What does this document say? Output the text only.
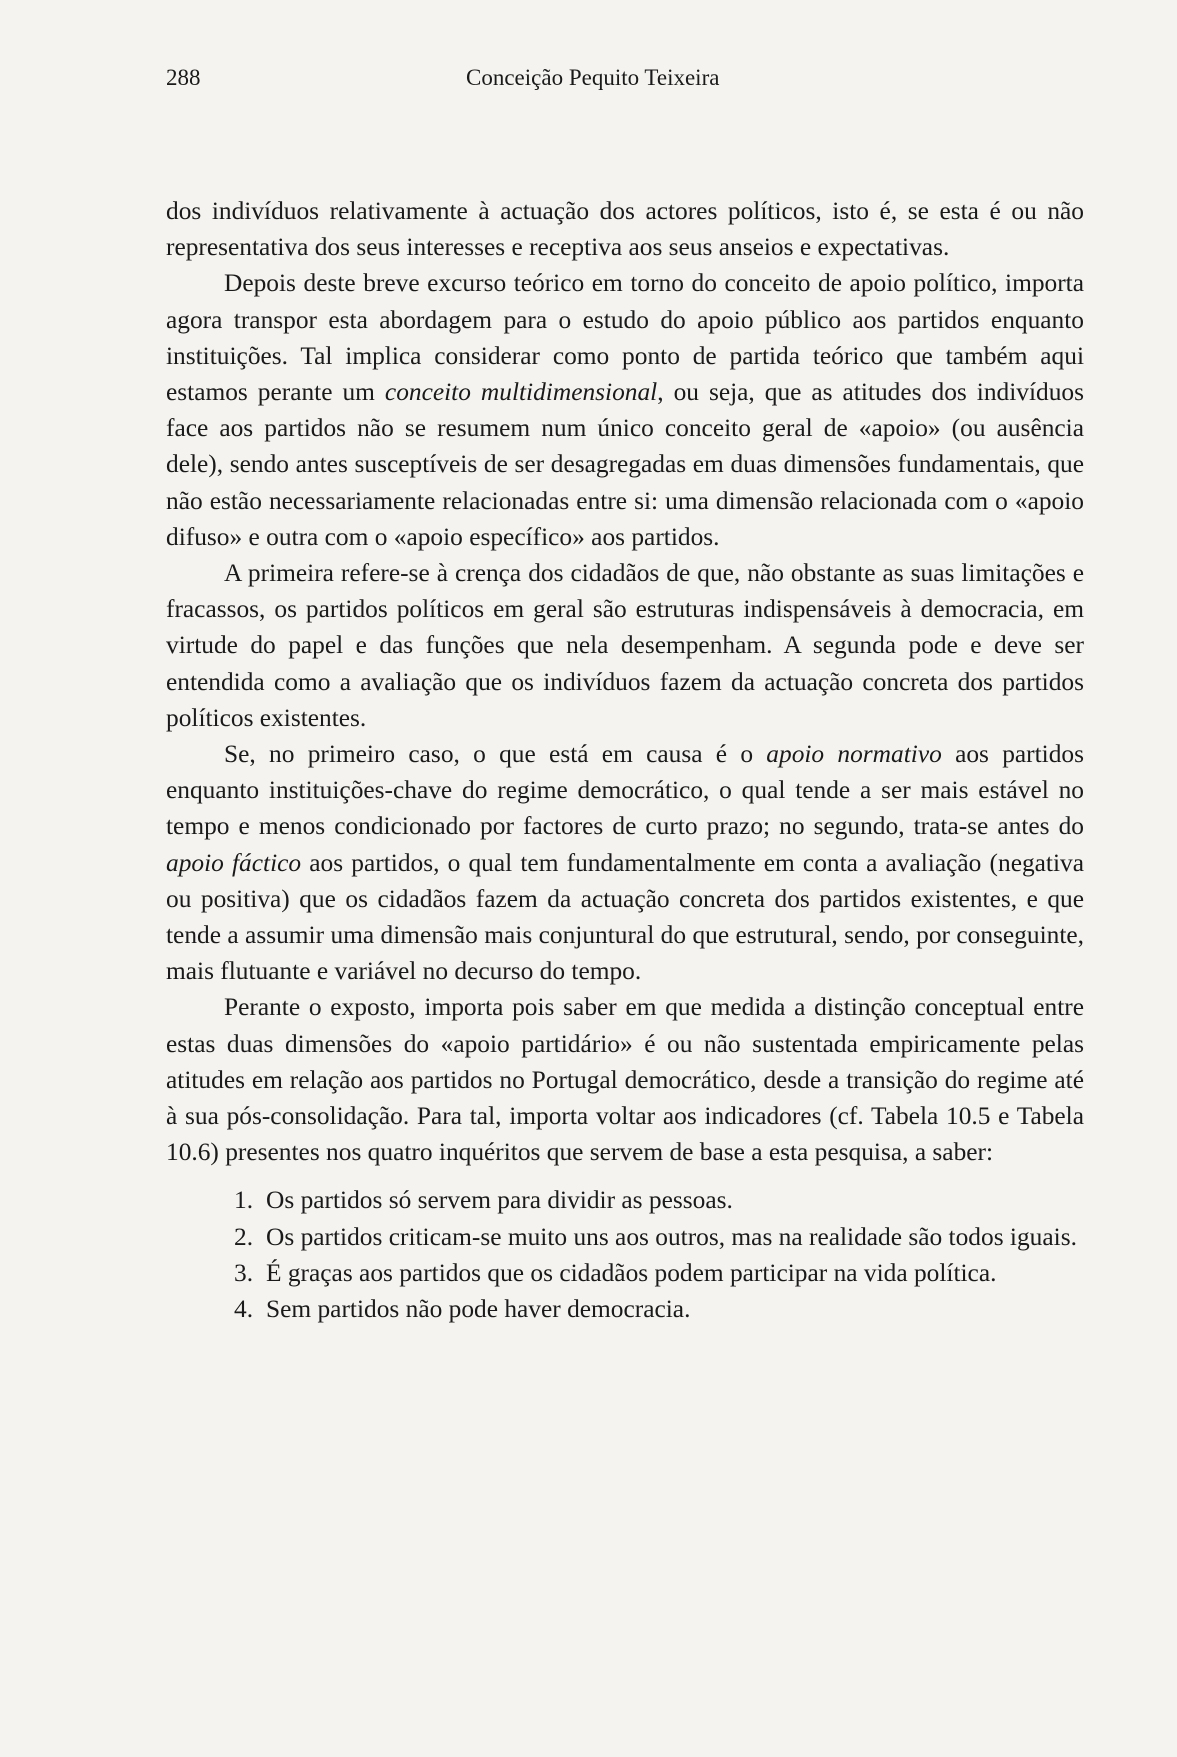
288	Conceição Pequito Teixeira

dos indivíduos relativamente à actuação dos actores políticos, isto é, se esta é ou não representativa dos seus interesses e receptiva aos seus anseios e expectativas.

Depois deste breve excurso teórico em torno do conceito de apoio político, importa agora transpor esta abordagem para o estudo do apoio público aos partidos enquanto instituições. Tal implica considerar como ponto de partida teórico que também aqui estamos perante um conceito multidimensional, ou seja, que as atitudes dos indivíduos face aos partidos não se resumem num único conceito geral de «apoio» (ou ausência dele), sendo antes susceptíveis de ser desagregadas em duas dimensões fundamentais, que não estão necessariamente relacionadas entre si: uma dimensão relacionada com o «apoio difuso» e outra com o «apoio específico» aos partidos.

A primeira refere-se à crença dos cidadãos de que, não obstante as suas limitações e fracassos, os partidos políticos em geral são estruturas indispensáveis à democracia, em virtude do papel e das funções que nela desempenham. A segunda pode e deve ser entendida como a avaliação que os indivíduos fazem da actuação concreta dos partidos políticos existentes.

Se, no primeiro caso, o que está em causa é o apoio normativo aos partidos enquanto instituições-chave do regime democrático, o qual tende a ser mais estável no tempo e menos condicionado por factores de curto prazo; no segundo, trata-se antes do apoio fáctico aos partidos, o qual tem fundamentalmente em conta a avaliação (negativa ou positiva) que os cidadãos fazem da actuação concreta dos partidos existentes, e que tende a assumir uma dimensão mais conjuntural do que estrutural, sendo, por conseguinte, mais flutuante e variável no decurso do tempo.

Perante o exposto, importa pois saber em que medida a distinção conceptual entre estas duas dimensões do «apoio partidário» é ou não sustentada empiricamente pelas atitudes em relação aos partidos no Portugal democrático, desde a transição do regime até à sua pós-consolidação. Para tal, importa voltar aos indicadores (cf. Tabela 10.5 e Tabela 10.6) presentes nos quatro inquéritos que servem de base a esta pesquisa, a saber:

1. Os partidos só servem para dividir as pessoas.
2. Os partidos criticam-se muito uns aos outros, mas na realidade são todos iguais.
3. É graças aos partidos que os cidadãos podem participar na vida política.
4. Sem partidos não pode haver democracia.
